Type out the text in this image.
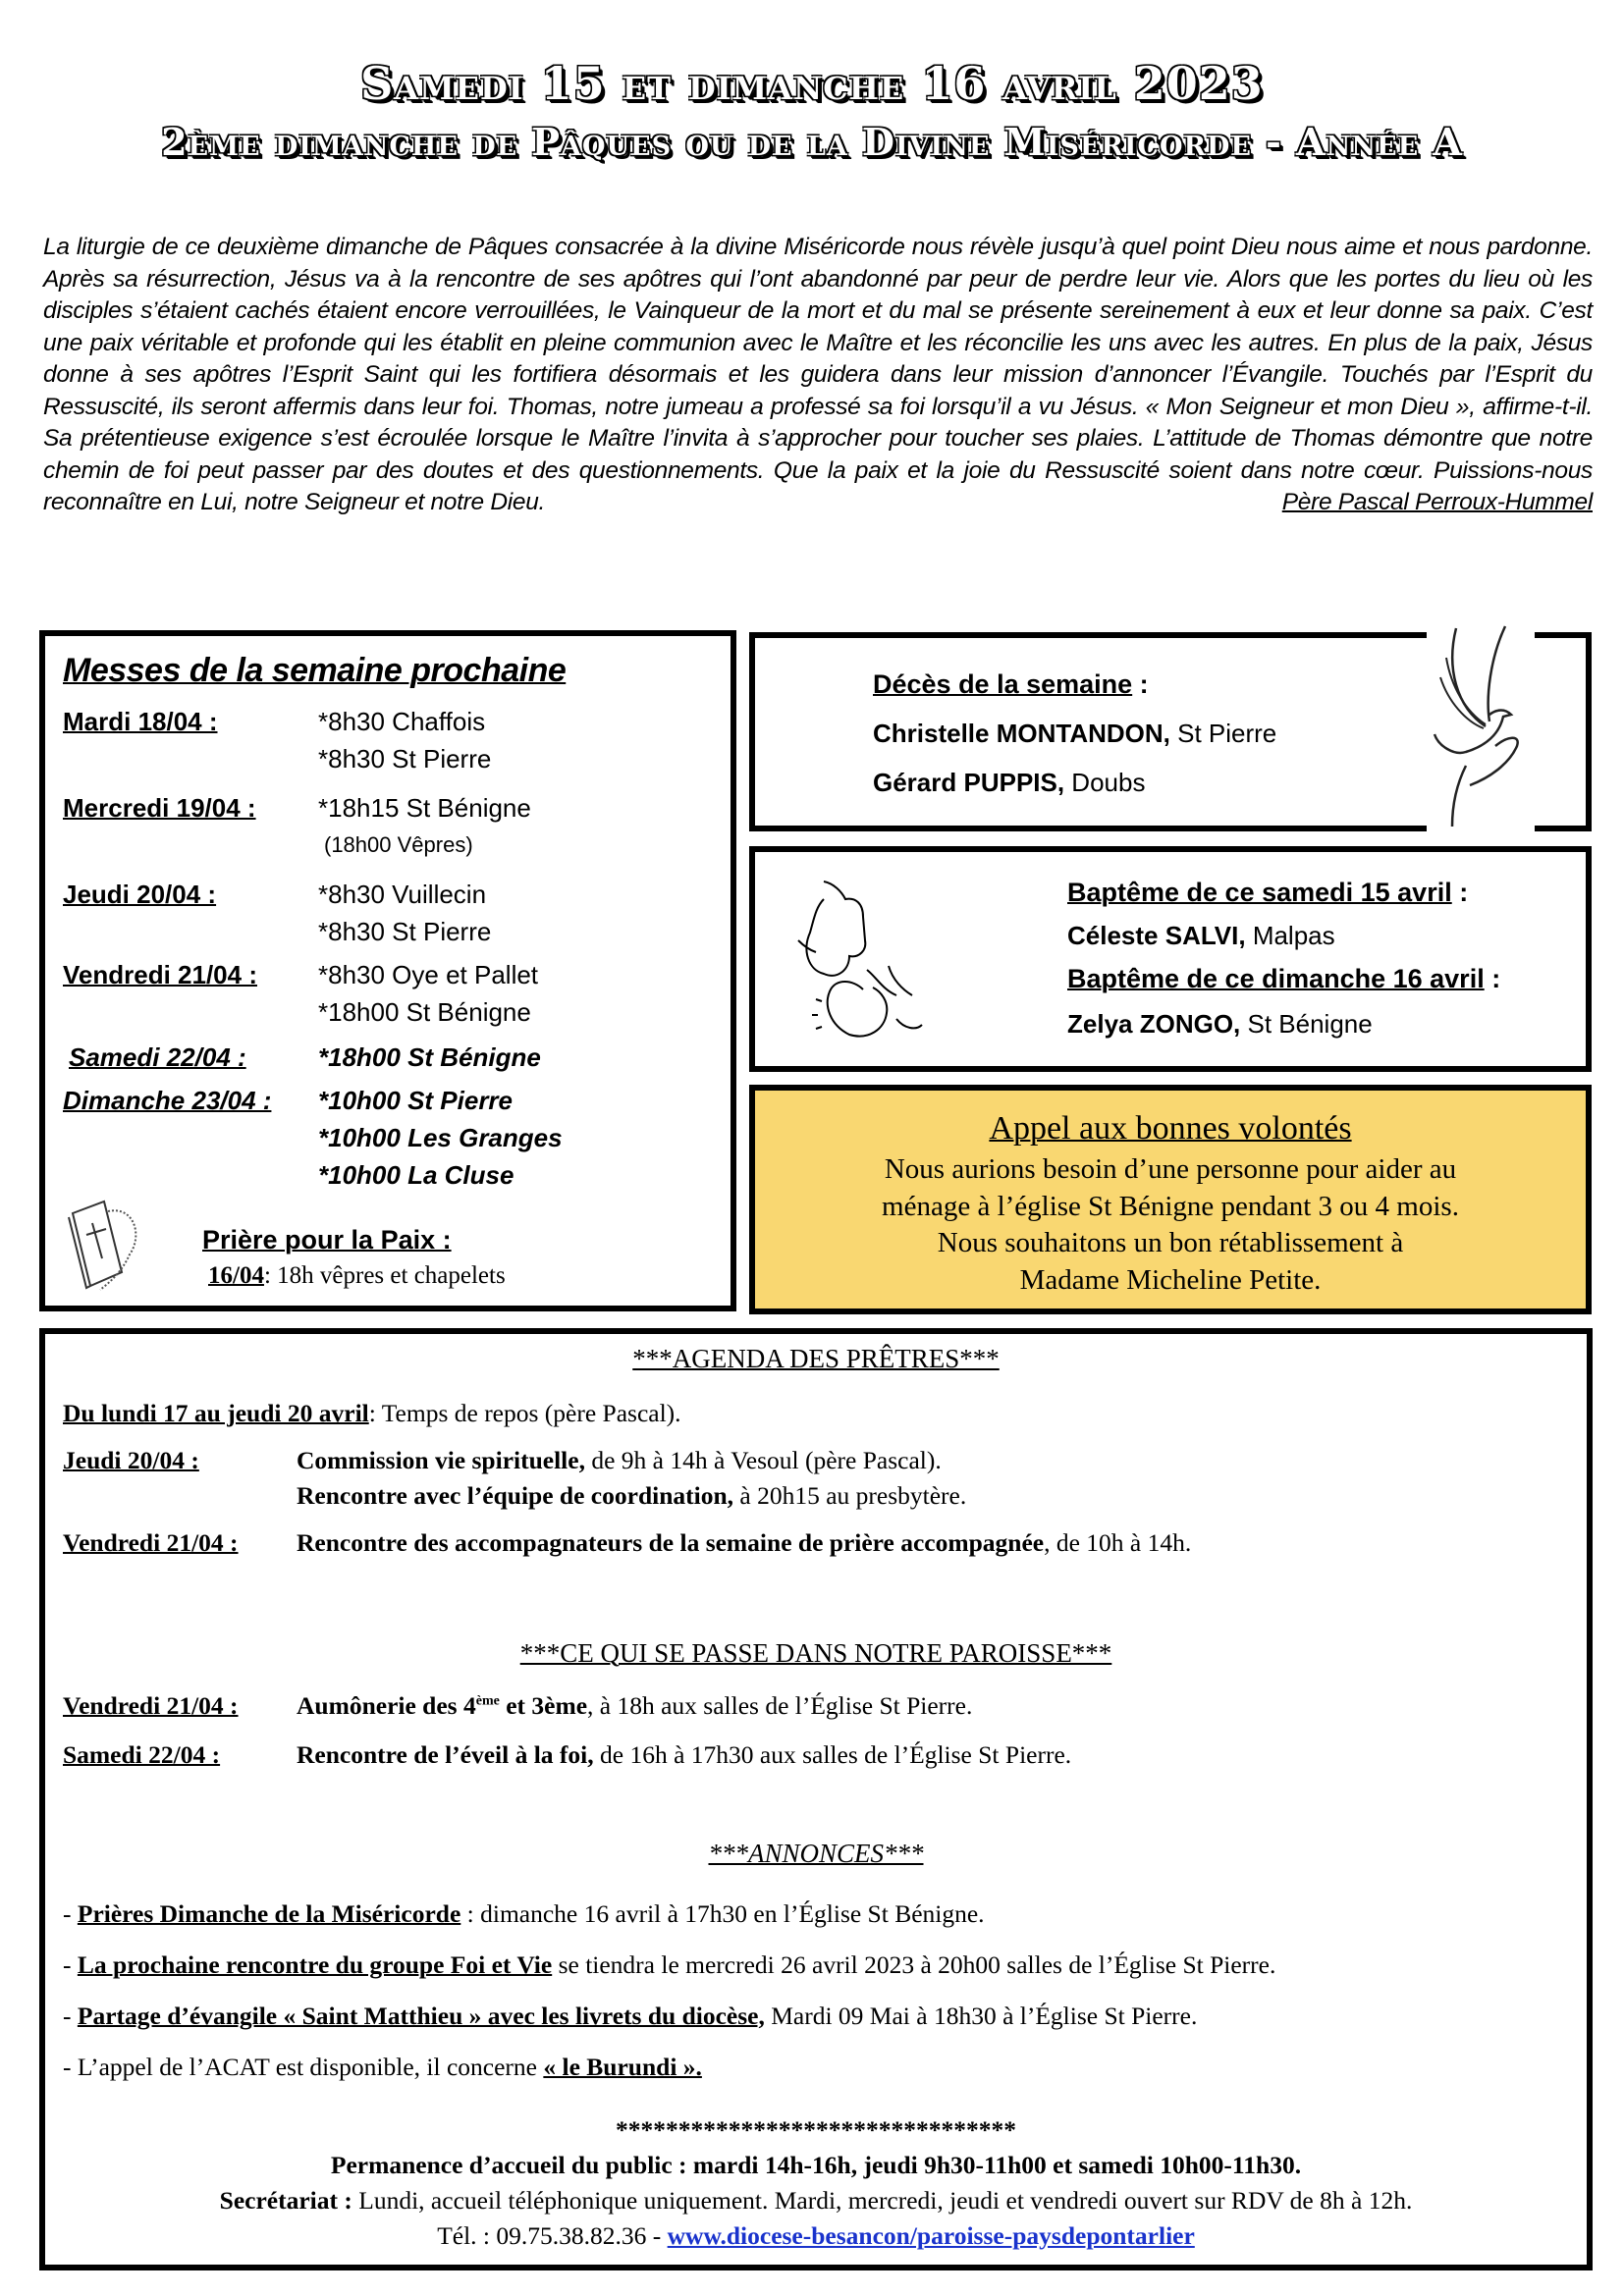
Samedi 15 et dimanche 16 avril 2023
2ème dimanche de Pâques ou de la Divine Miséricorde - Année A
La liturgie de ce deuxième dimanche de Pâques consacrée à la divine Miséricorde nous révèle jusqu’à quel point Dieu nous aime et nous pardonne. Après sa résurrection, Jésus va à la rencontre de ses apôtres qui l’ont abandonné par peur de perdre leur vie. Alors que les portes du lieu où les disciples s’étaient cachés étaient encore verrouillées, le Vainqueur de la mort et du mal se présente sereinement à eux et leur donne sa paix. C’est une paix véritable et profonde qui les établit en pleine communion avec le Maître et les réconcilie les uns avec les autres. En plus de la paix, Jésus donne à ses apôtres l’Esprit Saint qui les fortifiera désormais et les guidera dans leur mission d’annoncer l’Évangile. Touchés par l’Esprit du Ressuscité, ils seront affermis dans leur foi. Thomas, notre jumeau a professé sa foi lorsqu’il a vu Jésus. « Mon Seigneur et mon Dieu », affirme-t-il. Sa prétentieuse exigence s’est écroulée lorsque le Maître l’invita à s’approcher pour toucher ses plaies. L’attitude de Thomas démontre que notre chemin de foi peut passer par des doutes et des questionnements. Que la paix et la joie du Ressuscité soient dans notre cœur. Puissions-nous reconnaître en Lui, notre Seigneur et notre Dieu.	Père Pascal Perroux-Hummel
Messes de la semaine prochaine
Mardi 18/04 :	*8h30 Chaffois
*8h30 St Pierre
Mercredi 19/04 :	*18h15 St Bénigne
(18h00 Vêpres)
Jeudi 20/04 :	*8h30 Vuillecin
*8h30 St Pierre
Vendredi 21/04 :	*8h30 Oye et Pallet
*18h00 St Bénigne
Samedi 22/04 :	*18h00 St Bénigne
Dimanche 23/04 :	*10h00 St Pierre
*10h00 Les Granges
*10h00 La Cluse
Prière pour la Paix :
16/04: 18h vêpres et chapelets
Décès de la semaine :
Christelle MONTANDON, St Pierre
Gérard PUPPIS, Doubs
Baptême de ce samedi 15 avril :
Céleste SALVI, Malpas
Baptême de ce dimanche 16 avril :
Zelya ZONGO, St Bénigne
Appel aux bonnes volontés
Nous aurions besoin d’une personne pour aider au
ménage à l’église St Bénigne pendant 3 ou 4 mois.
Nous souhaitons un bon rétablissement à
Madame Micheline Petite.
***AGENDA DES PRÊTRES***
Du lundi 17 au jeudi 20 avril: Temps de repos (père Pascal).
Jeudi 20/04 :	Commission vie spirituelle, de 9h à 14h à Vesoul (père Pascal).
Rencontre avec l’équipe de coordination, à 20h15 au presbytère.
Vendredi 21/04 : Rencontre des accompagnateurs de la semaine de prière accompagnée, de 10h à 14h.
***CE QUI SE PASSE DANS NOTRE PAROISSE***
Vendredi 21/04 : Aumônerie des 4ème et 3ème, à 18h aux salles de l’Église St Pierre.
Samedi 22/04 :	Rencontre de l’éveil à la foi, de 16h à 17h30 aux salles de l’Église St Pierre.
***ANNONCES***
- Prières Dimanche de la Miséricorde : dimanche 16 avril à 17h30 en l’Église St Bénigne.
- La prochaine rencontre du groupe Foi et Vie se tiendra le mercredi 26 avril 2023 à 20h00 salles de l’Église St Pierre.
- Partage d’évangile « Saint Matthieu » avec les livrets du diocèse, Mardi 09 Mai à 18h30 à l’Église St Pierre.
- L’appel de l’ACAT est disponible, il concerne « le Burundi ».
********************************
Permanence d’accueil du public : mardi 14h-16h, jeudi 9h30-11h00 et samedi 10h00-11h30.
Secrétariat : Lundi, accueil téléphonique uniquement. Mardi, mercredi, jeudi et vendredi ouvert sur RDV de 8h à 12h.
Tél. : 09.75.38.82.36 - www.diocese-besancon/paroisse-paysdepontarlier
